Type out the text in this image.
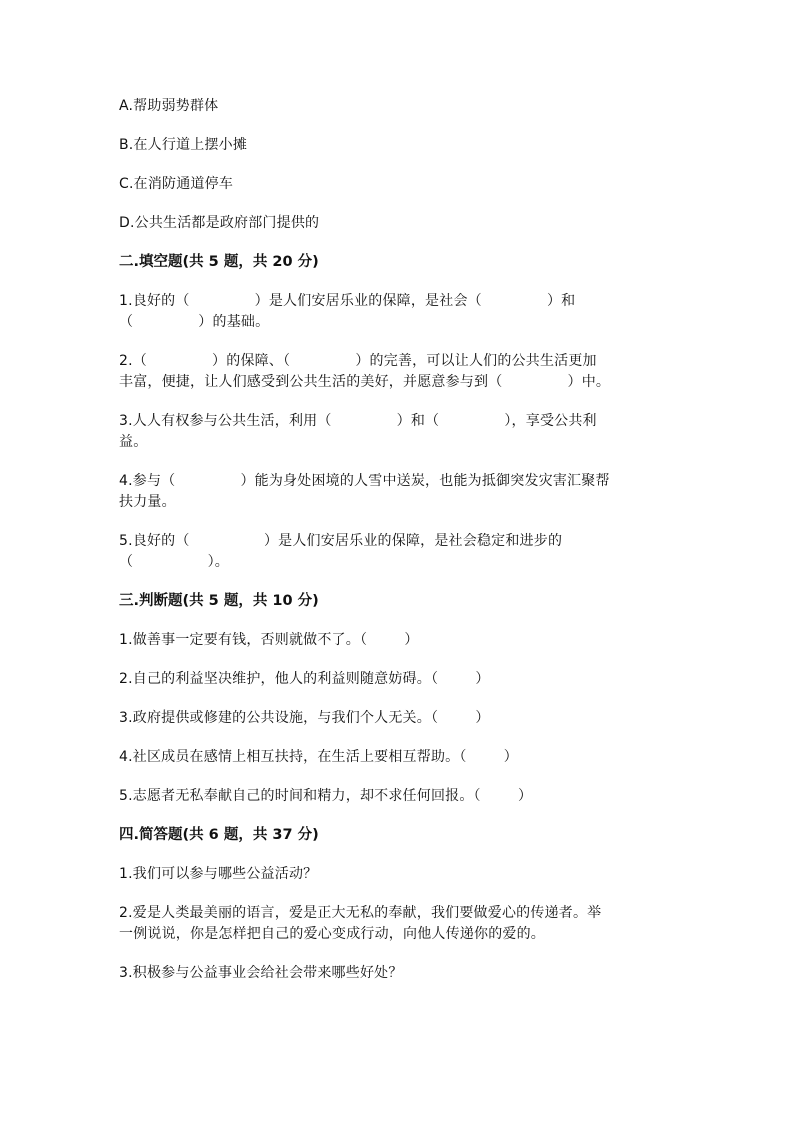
A.帮助弱势群体
B.在人行道上摆小摊
C.在消防通道停车
D.公共生活都是政府部门提供的
二.填空题(共 5 题，共 20 分)
1.良好的（              ）是人们安居乐业的保障，是社会（              ）和
（              ）的基础。
2.（              ）的保障、（              ）的完善，可以让人们的公共生活更加
丰富，便捷，让人们感受到公共生活的美好，并愿意参与到（              ）中。
3.人人有权参与公共生活，利用（              ）和（              ），享受公共利
益。
4.参与（              ）能为身处困境的人雪中送炭，也能为抵御突发灾害汇聚帮
扶力量。
5.良好的（                ）是人们安居乐业的保障，是社会稳定和进步的
（                ）。
三.判断题(共 5 题，共 10 分)
1.做善事一定要有钱，否则就做不了。（        ）
2.自己的利益坚决维护，他人的利益则随意妨碍。（        ）
3.政府提供或修建的公共设施，与我们个人无关。（        ）
4.社区成员在感情上相互扶持，在生活上要相互帮助。（        ）
5.志愿者无私奉献自己的时间和精力，却不求任何回报。（        ）
四.简答题(共 6 题，共 37 分)
1.我们可以参与哪些公益活动？
2.爱是人类最美丽的语言，爱是正大无私的奉献，我们要做爱心的传递者。举
一例说说，你是怎样把自己的爱心变成行动，向他人传递你的爱的。
3.积极参与公益事业会给社会带来哪些好处？
